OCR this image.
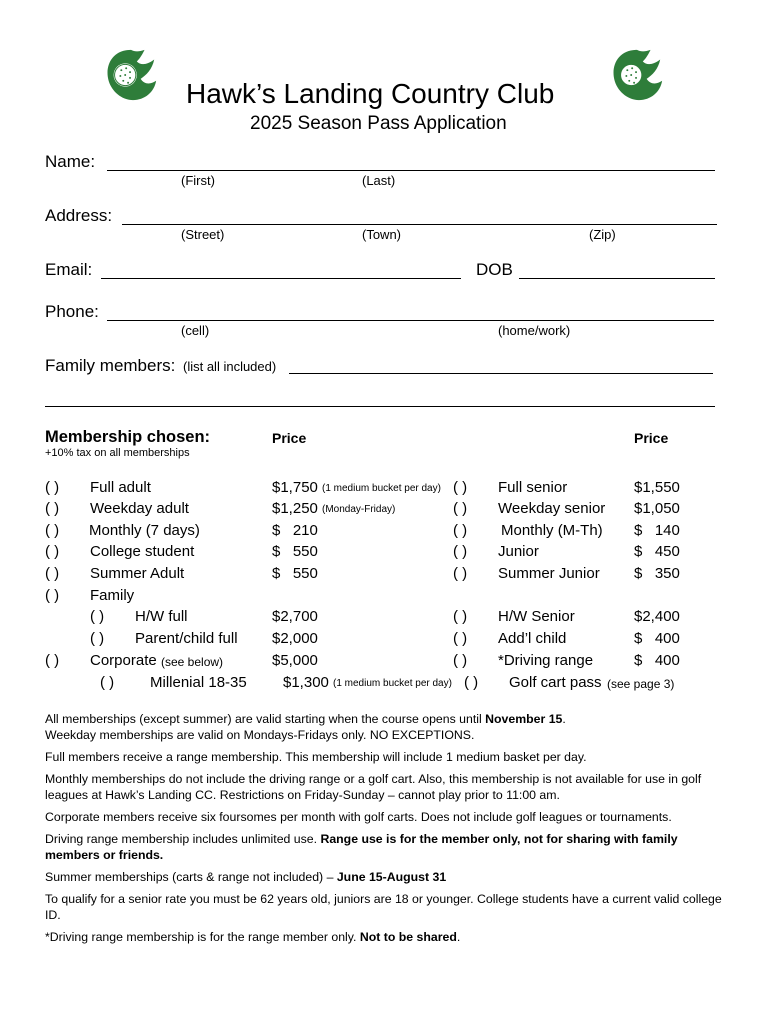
Hawk’s Landing Country Club
2025 Season Pass Application
Name:
(First)	(Last)
Address:
(Street)	(Town)	(Zip)
Email:	DOB
Phone:
(cell)	(home/work)
Family members: (list all included)
Membership chosen:	Price	Price
+10% tax on all memberships
( ) Full adult	$1,750 (1 medium bucket per day)
( ) Weekday adult	$1,250 (Monday-Friday)
( ) Monthly (7 days)	$   210
( ) College student	$   550
( ) Summer Adult	$   550
( ) Family
( ) H/W full	$2,700
( ) Parent/child full $2,000
( ) Corporate (see below)	$5,000
( ) Millenial 18-35 $1,300 (1 medium bucket per day)
( ) Full senior	$1,550
( ) Weekday senior $1,050
( ) Monthly (M-Th) $   140
( ) Junior	$   450
( ) Summer Junior $   350
( ) H/W Senior	$2,400
( ) Add’l child	$   400
( ) *Driving range	$   400
( ) Golf cart pass (see page 3)
All memberships (except summer) are valid starting when the course opens until November 15.
Weekday memberships are valid on Mondays-Fridays only. NO EXCEPTIONS.
Full members receive a range membership. This membership will include 1 medium basket per day.
Monthly memberships do not include the driving range or a golf cart. Also, this membership is not available for use in golf leagues at Hawk’s Landing CC. Restrictions on Friday-Sunday – cannot play prior to 11:00 am.
Corporate members receive six foursomes per month with golf carts. Does not include golf leagues or tournaments.
Driving range membership includes unlimited use. Range use is for the member only, not for sharing with family members or friends.
Summer memberships (carts & range not included) – June 15-August 31
To qualify for a senior rate you must be 62 years old, juniors are 18 or younger. College students have a current valid college ID.
*Driving range membership is for the range member only. Not to be shared.
